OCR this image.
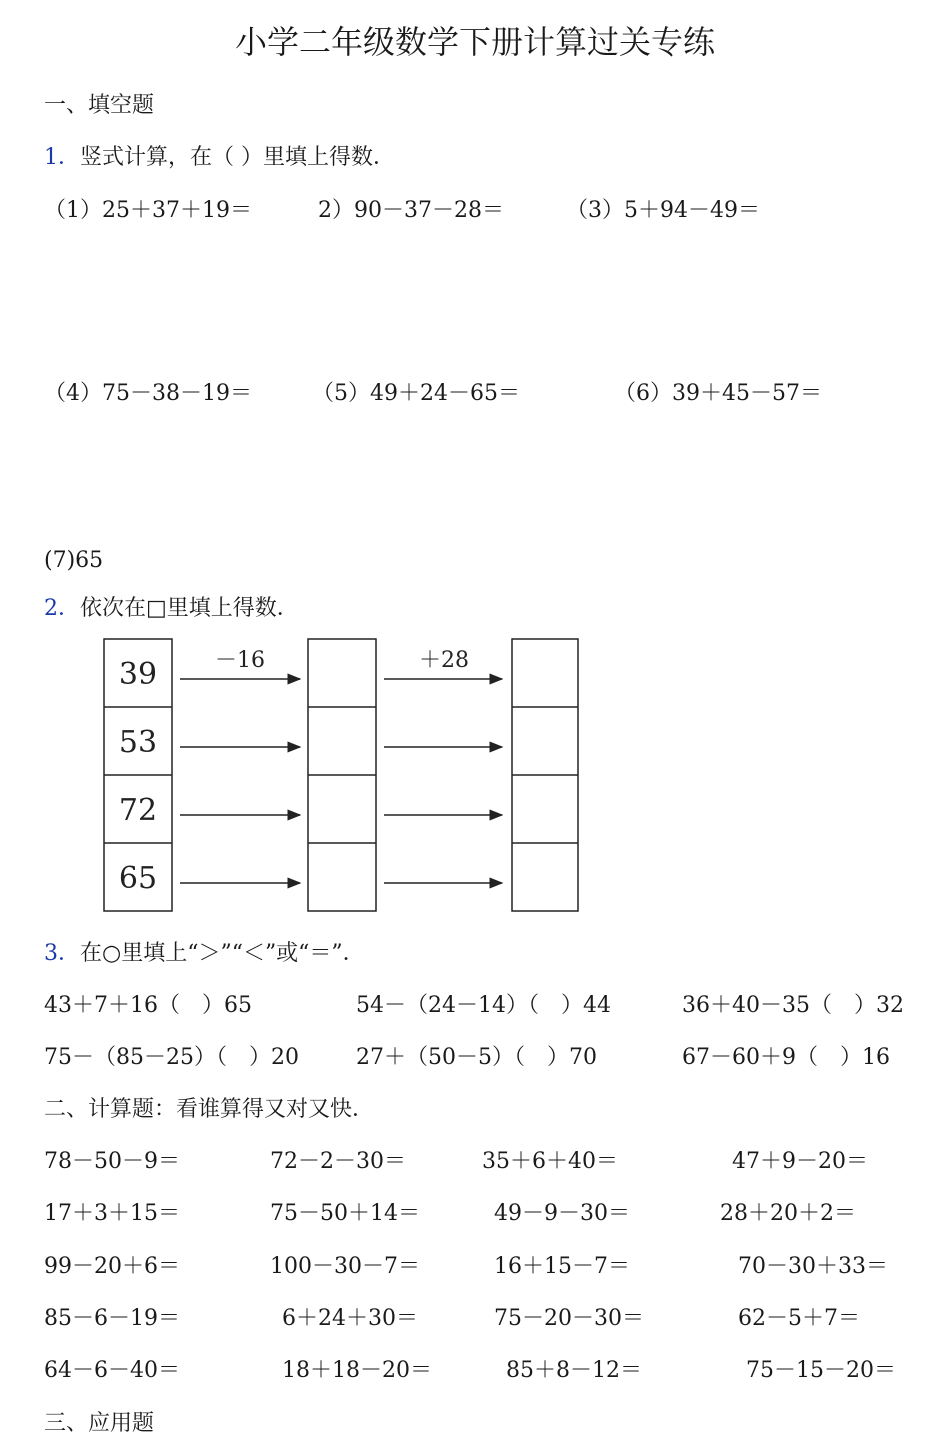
小学二年级数学下册计算过关专练
一、填空题
1．竖式计算，在（ ）里填上得数．
（1）25＋37＋19＝	2）90－37－28＝	（3）5＋94－49＝
（4）75－38－19＝	（5）49＋24－65＝	（6）39＋45－57＝
(7)65
2．依次在□里填上得数．
39
53
72
65
－16	＋28
3．在○里填上“＞”“＜”或“＝”．
43＋7＋16（　）65	54－（24－14）（　）44	36＋40－35（　）32
75－（85－25）（　）20	27＋（50－5）（　）70	67－60＋9（　）16
二、计算题：看谁算得又对又快．
78－50－9＝	72－2－30＝	35＋6＋40＝	47＋9－20＝
17＋3＋15＝	75－50＋14＝	49－9－30＝	28＋20＋2＝
99－20＋6＝	100－30－7＝	16＋15－7＝	70－30＋33＝
85－6－19＝	6＋24＋30＝	75－20－30＝	62－5＋7＝
64－6－40＝	18＋18－20＝	85＋8－12＝	75－15－20＝
三、应用题
